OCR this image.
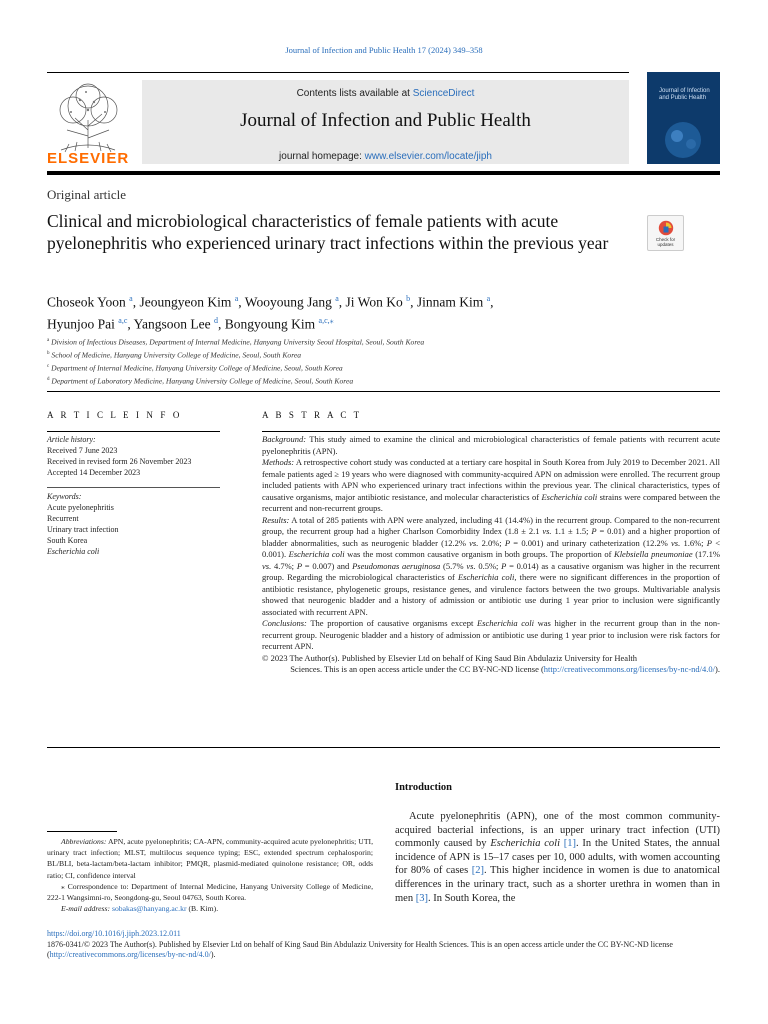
Journal of Infection and Public Health 17 (2024) 349–358
ELSEVIER
Contents lists available at ScienceDirect
Journal of Infection and Public Health
journal homepage: www.elsevier.com/locate/jiph
Journal of Infection and Public Health
Original article
Clinical and microbiological characteristics of female patients with acute pyelonephritis who experienced urinary tract infections within the previous year	Check for updates
Choseok Yoon $^a$, Jeoungyeon Kim $^a$, Wooyoung Jang $^a$, Ji Won Ko $^b$, Jinnam Kim $^a$,
Hyunjoo Pai $^{a,c}$, Yangsoon Lee $^d$, Bongyoung Kim $^{a,c,⁎}$
$^a$ Division of Infectious Diseases, Department of Internal Medicine, Hanyang University Seoul Hospital, Seoul, South Korea
$^b$ School of Medicine, Hanyang University College of Medicine, Seoul, South Korea
$^c$ Department of Internal Medicine, Hanyang University College of Medicine, Seoul, South Korea
$^d$ Department of Laboratory Medicine, Hanyang University College of Medicine, Seoul, South Korea
A R T I C L E I N F O
Article history:
Received 7 June 2023
Received in revised form 26 November 2023
Accepted 14 December 2023
Keywords:
Acute pyelonephritis
Recurrent
Urinary tract infection
South Korea
Escherichia coli
A B S T R A C T

Background: This study aimed to examine the clinical and microbiological characteristics of female patients with recurrent acute pyelonephritis (APN).

Methods: A retrospective cohort study was conducted at a tertiary care hospital in South Korea from July 2019 to December 2021. All female patients aged ≥ 19 years who were diagnosed with community-acquired APN on admission were enrolled. The recurrent group included patients with APN who experienced urinary tract infections within the previous year. The clinical characteristics, types of causative organisms, major antibiotic resistance, and molecular characteristics of Escherichia coli strains were compared between the recurrent and non-recurrent groups.

Results: A total of 285 patients with APN were analyzed, including 41 (14.4%) in the recurrent group. Compared to the non-recurrent group, the recurrent group had a higher Charlson Comorbidity Index (1.8 ± 2.1 vs. 1.1 ± 1.5; P = 0.01) and a higher proportion of bladder abnormalities, such as neurogenic bladder (12.2% vs. 2.0%; P = 0.001) and urinary catheterization (12.2% vs. 1.6%; P < 0.001). Escherichia coli was the most common causative organism in both groups. The proportion of Klebsiella pneumoniae (17.1% vs. 4.7%; P = 0.007) and Pseudomonas aeruginosa (5.7% vs. 0.5%; P = 0.014) as a causative organism was higher in the recurrent group. Regarding the microbiological characteristics of Escherichia coli, there were no significant differences in the proportion of antibiotic resistance, phylogenetic groups, resistance genes, and virulence factors between the two groups. Multivariable analysis showed that neurogenic bladder and a history of admission or antibiotic use during 1 year prior to inclusion were significantly associated with recurrent APN.

Conclusions: The proportion of causative organisms except Escherichia coli was higher in the recurrent group than in the non-recurrent group. Neurogenic bladder and a history of admission or antibiotic use during 1 year prior to inclusion were risk factors for recurrent APN.

© 2023 The Author(s). Published by Elsevier Ltd on behalf of King Saud Bin Abdulaziz University for Health

Sciences. This is an open access article under the CC BY-NC-ND license (http://creativecommons.org/licenses/by-nc-nd/4.0/).

Introduction
Acute pyelonephritis (APN), one of the most common community-acquired bacterial infections, is an upper urinary tract infection (UTI) commonly caused by Escherichia coli [1]. In the United States, the annual incidence of APN is 15–17 cases per 10, 000 adults, with women accounting for 80% of cases [2]. This higher incidence in women is due to anatomical differences in the urinary tract, such as a shorter urethra in women than in men [3]. In South Korea, the

Abbreviations: APN, acute pyelonephritis; CA-APN, community-acquired acute pyelonephritis; UTI, urinary tract infection; MLST, multilocus sequence typing; ESC, extended spectrum cephalosporin; BL/BLI, beta-lactam/beta-lactam inhibitor; PMQR, plasmid-mediated quinolone resistance; OR, odds ratio; CI, confidence interval

⁎ Correspondence to: Department of Internal Medicine, Hanyang University College of Medicine, 222-1 Wangsimni-ro, Seongdong-gu, Seoul 04763, South Korea.

E-mail address: sobakas@hanyang.ac.kr (B. Kim).

https://doi.org/10.1016/j.jiph.2023.12.011
1876-0341/© 2023 The Author(s). Published by Elsevier Ltd on behalf of King Saud Bin Abdulaziz University for Health Sciences. This is an open access article under the CC BY-NC-ND license (http://creativecommons.org/licenses/by-nc-nd/4.0/).
